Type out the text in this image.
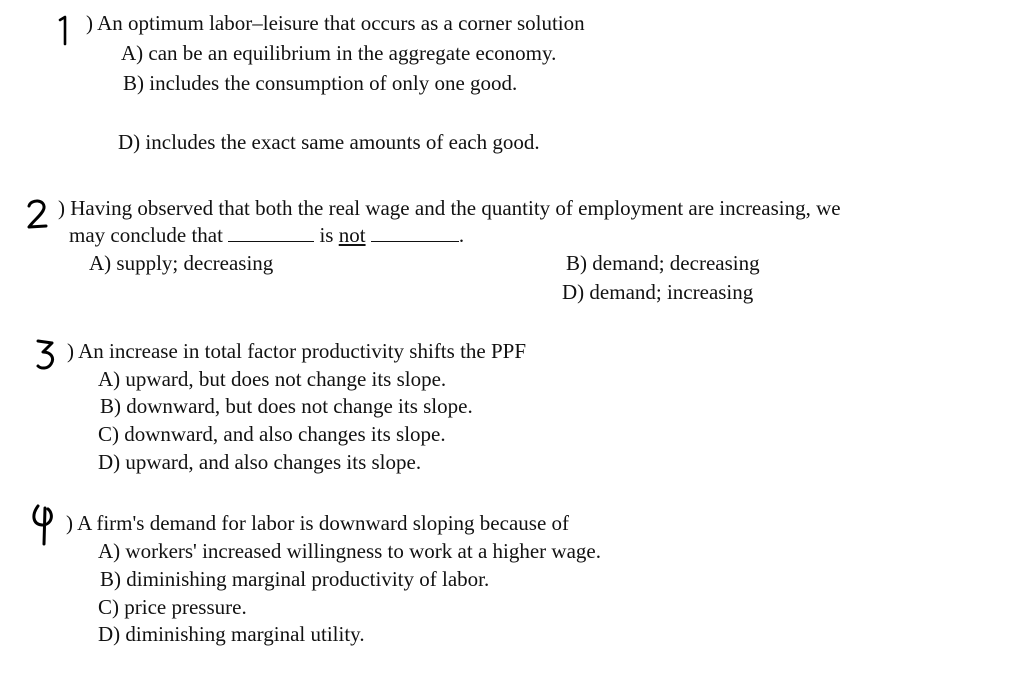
) An optimum labor–leisure that occurs as a corner solution
A) can be an equilibrium in the aggregate economy.
B) includes the consumption of only one good.
D) includes the exact same amounts of each good.
) Having observed that both the real wage and the quantity of employment are increasing, we
may conclude that	is not	.
A) supply; decreasing	B) demand; decreasing
D) demand; increasing
) An increase in total factor productivity shifts the PPF
A) upward, but does not change its slope.
B) downward, but does not change its slope.
C) downward, and also changes its slope.
D) upward, and also changes its slope.
) A firm's demand for labor is downward sloping because of
A) workers' increased willingness to work at a higher wage.
B) diminishing marginal productivity of labor.
C) price pressure.
D) diminishing marginal utility.
